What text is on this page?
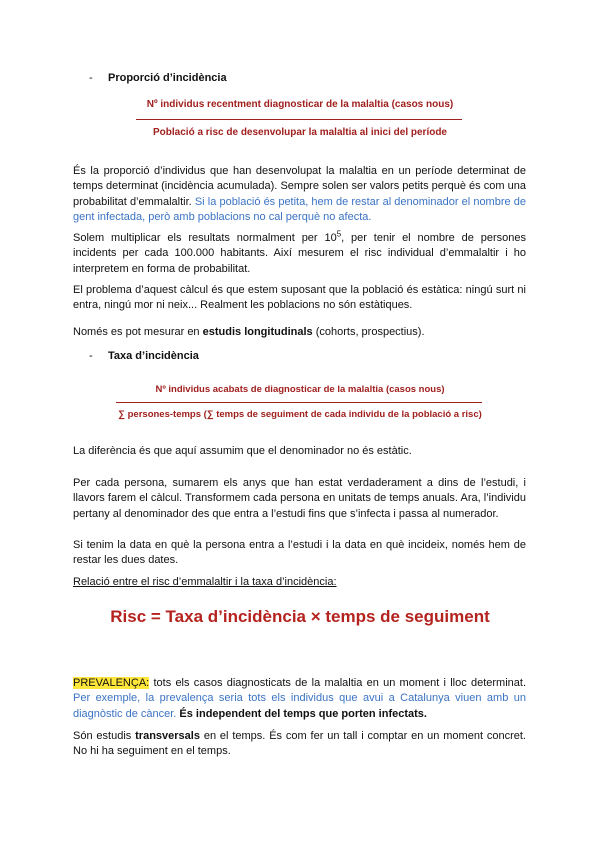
- Proporció d’incidència
Nº individus recentment diagnosticar de la malaltia (casos nous)
Població a risc de desenvolupar la malaltia al inici del període

És la proporció d’individus que han desenvolupat la malaltia en un període determinat de temps determinat (incidència acumulada). Sempre solen ser valors petits perquè és com una probabilitat d’emmalaltir. Si la població és petita, hem de restar al denominador el nombre de gent infectada, però amb poblacions no cal perquè no afecta.

Solem multiplicar els resultats normalment per $10^5$, per tenir el nombre de persones incidents per cada 100.000 habitants. Així mesurem el risc individual d’emmalaltir i ho interpretem en forma de probabilitat.

El problema d’aquest càlcul és que estem suposant que la població és estàtica: ningú surt ni entra, ningú mor ni neix... Realment les poblacions no són estàtiques.

Només es pot mesurar en estudis longitudinals (cohorts, prospectius).

- Taxa d’incidència
Nº individus acabats de diagnosticar de la malaltia (casos nous)
∑ persones-temps (∑ temps de seguiment de cada individu de la població a risc)

La diferència és que aquí assumim que el denominador no és estàtic.

Per cada persona, sumarem els anys que han estat verdaderament a dins de l’estudi, i llavors farem el càlcul. Transformem cada persona en unitats de temps anuals. Ara, l’individu pertany al denominador des que entra a l’estudi fins que s’infecta i passa al numerador.

Si tenim la data en què la persona entra a l’estudi i la data en què incideix, només hem de restar les dues dates.

Relació entre el risc d’emmalaltir i la taxa d’incidència:

Risc = Taxa d’incidència × temps de seguiment

PREVALENÇA: tots els casos diagnosticats de la malaltia en un moment i lloc determinat. Per exemple, la prevalença seria tots els individus que avui a Catalunya viuen amb un diagnòstic de càncer. És independent del temps que porten infectats.

Són estudis transversals en el temps. És com fer un tall i comptar en un moment concret. No hi ha seguiment en el temps.
